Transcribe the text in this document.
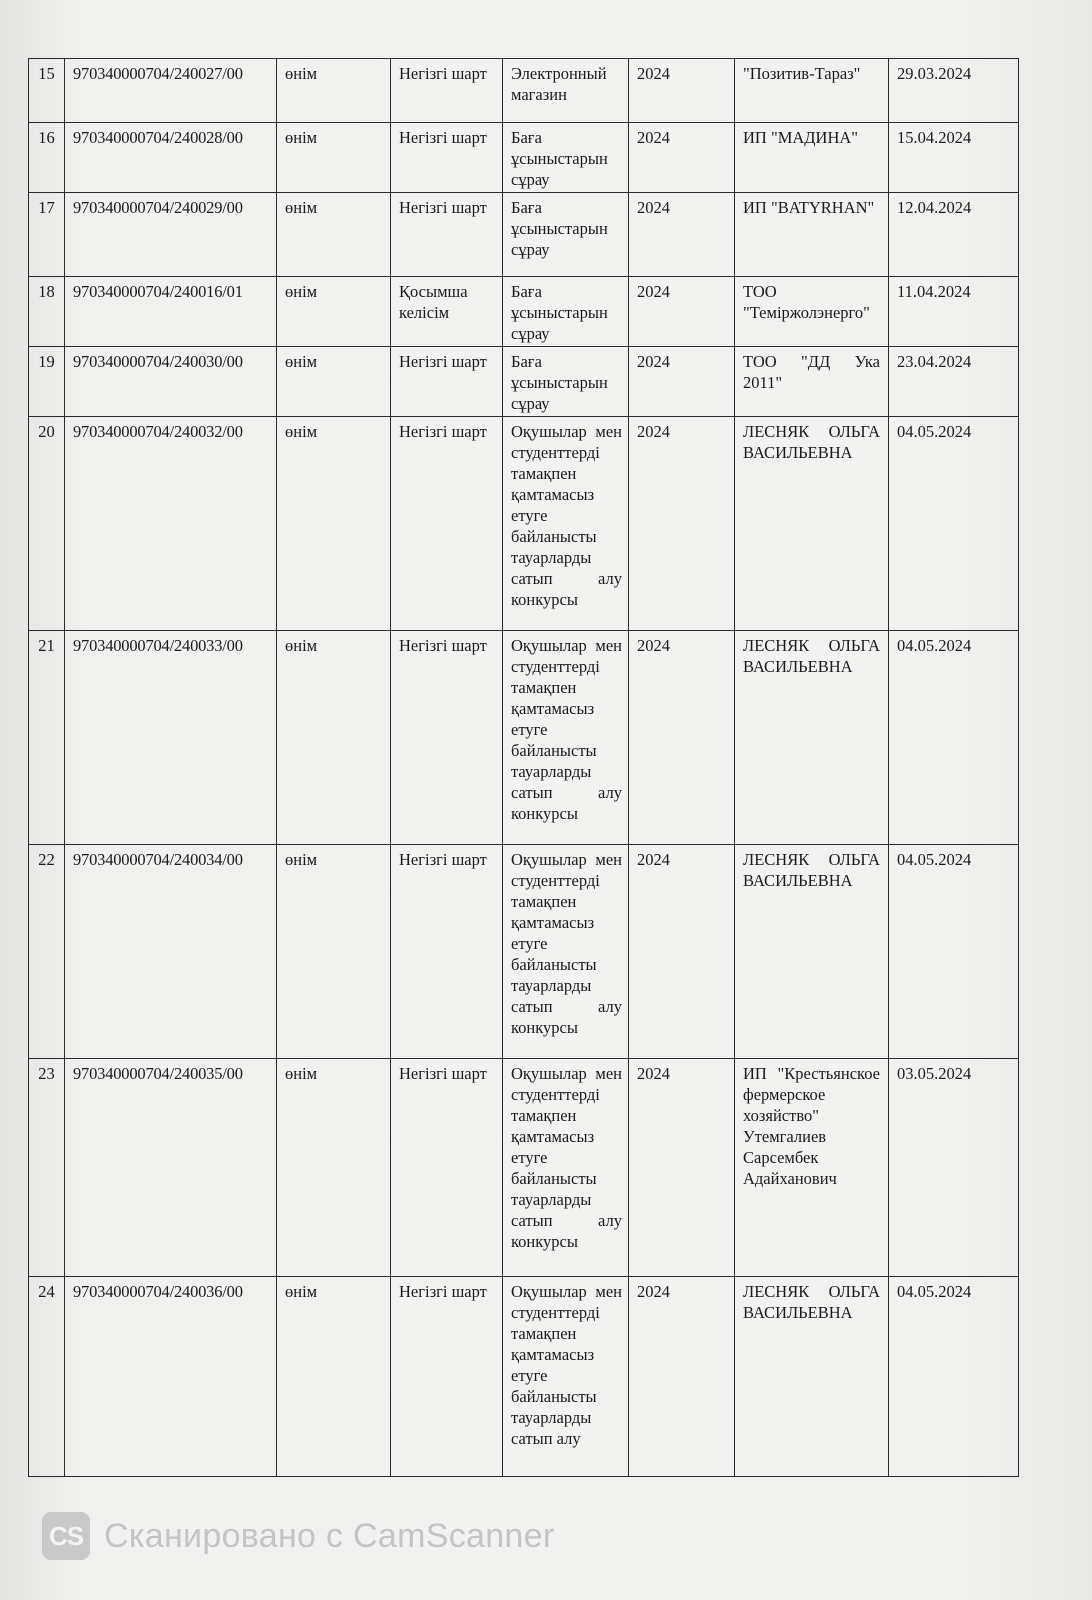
15	970340000704/240027/00	өнім	Негізгі шарт	Электронный магазин	2024	"Позитив-Тараз"	29.03.2024
16	970340000704/240028/00	өнім	Негізгі шарт	Баға ұсыныстарын сұрау	2024	ИП "МАДИНА"	15.04.2024
17	970340000704/240029/00	өнім	Негізгі шарт	Баға ұсыныстарын сұрау	2024	ИП "BATYRHAN"	12.04.2024
18	970340000704/240016/01	өнім	Қосымша келісім	Баға ұсыныстарын сұрау	2024	ТОО "Теміржолэнерго"	11.04.2024
19	970340000704/240030/00	өнім	Негізгі шарт	Баға ұсыныстарын сұрау	2024	ТОО "ДД Ука 2011"	23.04.2024
20	970340000704/240032/00	өнім	Негізгі шарт	Оқушылар мен студенттерді тамақпен қамтамасыз етуге байланысты тауарларды сатып алу конкурсы	2024	ЛЕСНЯК ОЛЬГА ВАСИЛЬЕВНА	04.05.2024
21	970340000704/240033/00	өнім	Негізгі шарт	Оқушылар мен студенттерді тамақпен қамтамасыз етуге байланысты тауарларды сатып алу конкурсы	2024	ЛЕСНЯК ОЛЬГА ВАСИЛЬЕВНА	04.05.2024
22	970340000704/240034/00	өнім	Негізгі шарт	Оқушылар мен студенттерді тамақпен қамтамасыз етуге байланысты тауарларды сатып алу конкурсы	2024	ЛЕСНЯК ОЛЬГА ВАСИЛЬЕВНА	04.05.2024
23	970340000704/240035/00	өнім	Негізгі шарт	Оқушылар мен студенттерді тамақпен қамтамасыз етуге байланысты тауарларды сатып алу конкурсы	2024	ИП "Крестьянское фермерское хозяйство" Утемгалиев Сарсембек Адайханович	03.05.2024
24	970340000704/240036/00	өнім	Негізгі шарт	Оқушылар мен студенттерді тамақпен қамтамасыз етуге байланысты тауарларды сатып алу	2024	ЛЕСНЯК ОЛЬГА ВАСИЛЬЕВНА	04.05.2024
CS Сканировано с CamScanner
